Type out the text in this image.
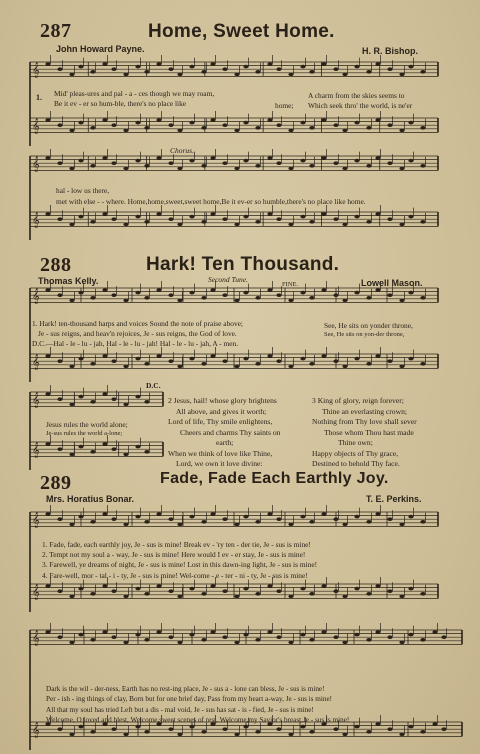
𝄞
𝄞
𝄞
𝄞
𝄞
𝄞
𝄞
𝄞
𝄞
𝄞
𝄞
𝄞
287	Home, Sweet Home.
John Howard Payne.	H. R. Bishop.
1. Mid' pleas-ures and pal - a - ces though we may roam,	A charm from the skies seems to
Be it ev - er so hum-ble, there's no place like	home; Which seek thro' the world, is ne'er
Chorus.
hal - low us there,
met with else - - where. Home,home,sweet,sweet home,Be it ev-er so humble,there's no place like home.
288	Hark! Ten Thousand.
Second Tune.
Thomas Kelly.	Lowell Mason.
FINE.
1. Hark! ten-thousand harps and voices Sound the note of praise above;	See, He sits on yonder throne,
Je - sus reigns, and heav'n rejoices, Je - sus reigns, the God of love.	See, He sits on yon-der throne,
D.C.—Hal - le - lu - jah, Hal - le - lu - jah! Hal - le - lu - jah, A - men.
D.C.
Jesus rules the world alone;
Je-sus rules the world a-lone;
2 Jesus, hail! whose glory brightens
All above, and gives it worth;
Lord of life, Thy smile enlightens,
Cheers and charms Thy saints on
earth;
When we think of love like Thine,
Lord, we own it love divine:
3 King of glory, reign forever;
Thine an everlasting crown;
Nothing from Thy love shall sever
Those whom Thou hast made
Thine own;
Happy objects of Thy grace,
Destined to behold Thy face.
289	Fade, Fade Each Earthly Joy.
Mrs. Horatius Bonar.	T. E. Perkins.
1. Fade, fade, each earthly joy, Je - sus is mine! Break ev - 'ry ten - der tie, Je - sus is mine!
2. Tempt not my soul a - way, Je - sus is mine! Here would I ev - er stay, Je - sus is mine!
3. Farewell, ye dreams of night, Je - sus is mine! Lost in this dawn-ing light, Je - sus is mine!
4. Fare-well, mor - tal - i - ty, Je - sus is mine! Wel-come - e - ter - ni - ty, Je - sus is mine!
Dark is the wil - der-ness, Earth has no rest-ing place, Je - sus a - lone can bless, Je - sus is mine!
Per - ish - ing things of clay, Born but for one brief day, Pass from my heart a-way, Je - sus is mine!
All that my soul has tried Left but a dis - mal void, Je - sus has sat - is - fied, Je - sus is mine!
Welcome, O loved and blest, Welcome,sweet scenes of rest, Welcome,my Savior's breast,Je - sus is mine!
